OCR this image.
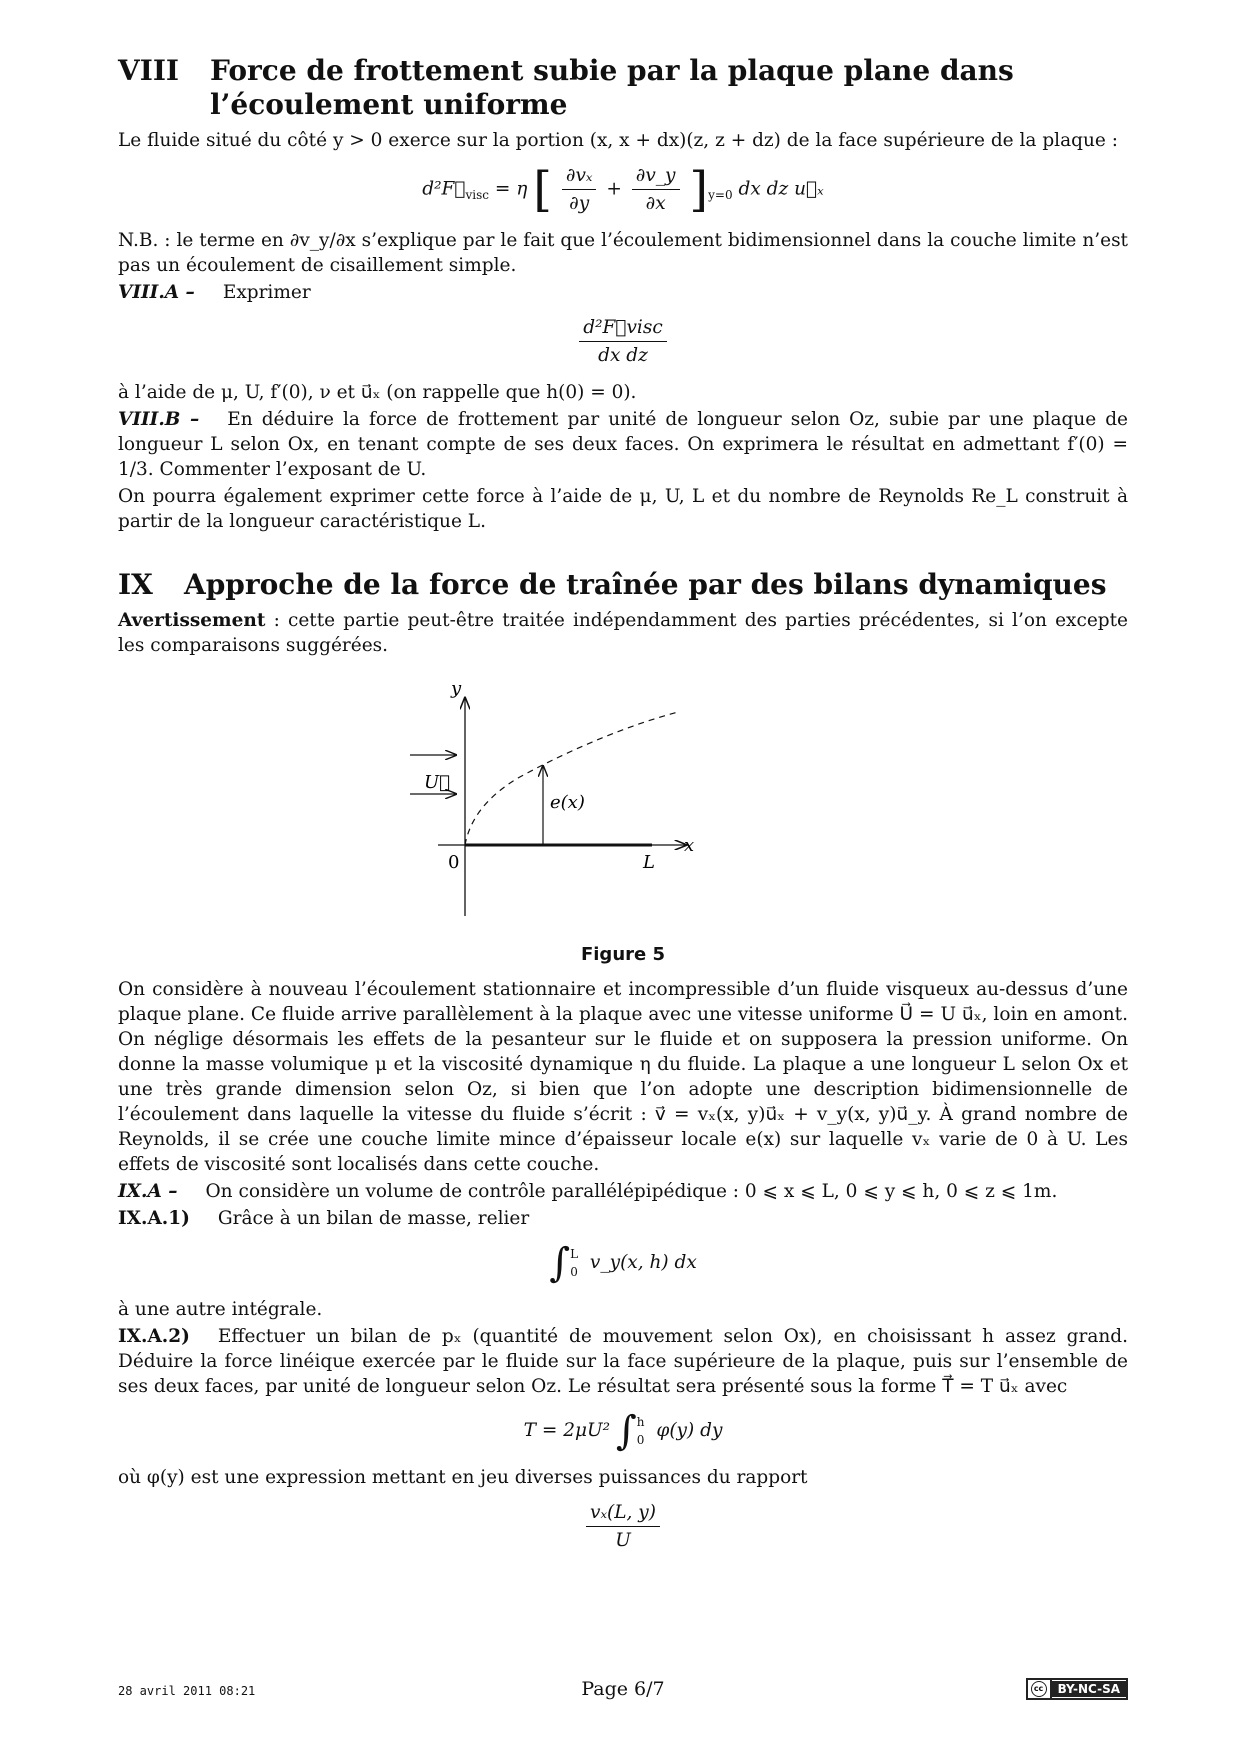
VIII	Force de frottement subie par la plaque plane dans l’écoulement uniforme

Le fluide situé du côté y > 0 exerce sur la portion (x, x + dx)(z, z + dz) de la face supérieure de la plaque :

$d^2F⃗_{visc} = \eta$ [ $\frac{\text{∂vₓ}}{\partial y} + \frac{\partial v\_y}{\partial x} ]_{y=0}$ dx dz u⃗ₓ

N.B. : le terme en ∂v_y/∂x s’explique par le fait que l’écoulement bidimensionnel dans la couche limite n’est pas un écoulement de cisaillement simple.

VIII.A – Exprimer

$\frac{\text{d²F⃗visc}}{\text{dx dz}}$

à l’aide de μ, U, f′(0), ν et u⃗ₓ (on rappelle que h(0) = 0).

VIII.B – En déduire la force de frottement par unité de longueur selon Oz, subie par une plaque de longueur L selon Ox, en tenant compte de ses deux faces. On exprimera le résultat en admettant f′(0) = 1/3. Commenter l’exposant de U.

On pourra également exprimer cette force à l’aide de μ, U, L et du nombre de Reynolds Re_L construit à partir de la longueur caractéristique L.

IX	Approche de la force de traînée par des bilans dynamiques

Avertissement : cette partie peut-être traitée indépendamment des parties précédentes, si l’on excepte les comparaisons suggérées.

y
x
U⃗
e(x)
0	L
Figure 5

On considère à nouveau l’écoulement stationnaire et incompressible d’un fluide visqueux au-dessus d’une plaque plane. Ce fluide arrive parallèlement à la plaque avec une vitesse uniforme U⃗ = U u⃗ₓ, loin en amont. On néglige désormais les effets de la pesanteur sur le fluide et on supposera la pression uniforme. On donne la masse volumique μ et la viscosité dynamique η du fluide. La plaque a une longueur L selon Ox et une très grande dimension selon Oz, si bien que l’on adopte une description bidimensionnelle de l’écoulement dans laquelle la vitesse du fluide s’écrit : v⃗ = vₓ(x, y)u⃗ₓ + v_y(x, y)u⃗_y. À grand nombre de Reynolds, il se crée une couche limite mince d’épaisseur locale e(x) sur laquelle vₓ varie de 0 à U. Les effets de viscosité sont localisés dans cette couche.

IX.A – On considère un volume de contrôle parallélépipédique : 0 ⩽ x ⩽ L, 0 ⩽ y ⩽ h, 0 ⩽ z ⩽ 1m.

IX.A.1) Grâce à un bilan de masse, relier

∫ L
0 v_y(x, h) dx

à une autre intégrale.

IX.A.2) Effectuer un bilan de pₓ (quantité de mouvement selon Ox), en choisissant h assez grand. Déduire la force linéique exercée par le fluide sur la face supérieure de la plaque, puis sur l’ensemble de ses deux faces, par unité de longueur selon Oz. Le résultat sera présenté sous la forme T⃗ = T u⃗ₓ avec

T = 2μU² ∫ h
0 φ(y) dy

où φ(y) est une expression mettant en jeu diverses puissances du rapport

$\frac{\text{vₓ(L, y)}}{U}$
28 avril 2011 08:21	Page 6/7	cc	BY-NC-SA
